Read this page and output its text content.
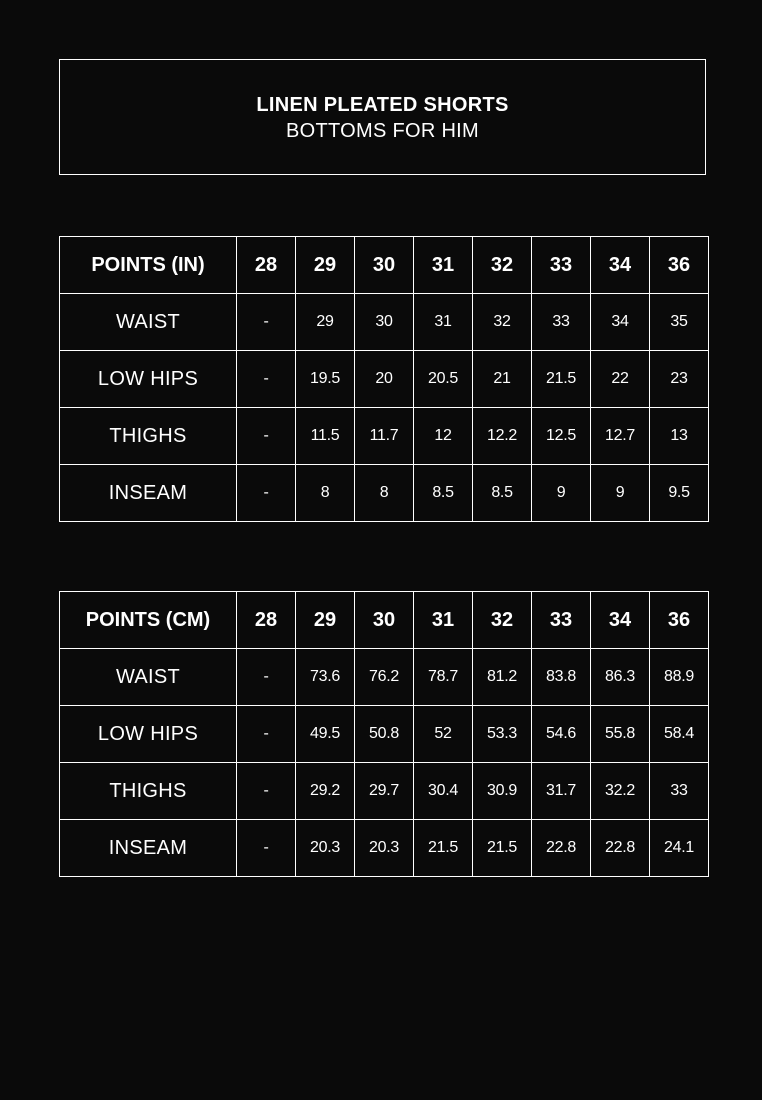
LINEN PLEATED SHORTS
BOTTOMS FOR HIM
POINTS (IN)	28	29	30	31	32	33	34	36
WAIST	-	29	30	31	32	33	34	35
LOW HIPS	-	19.5	20	20.5	21	21.5	22	23
THIGHS	-	11.5	11.7	12	12.2	12.5	12.7	13
INSEAM	-	8	8	8.5	8.5	9	9	9.5
POINTS (CM)	28	29	30	31	32	33	34	36
WAIST	-	73.6	76.2	78.7	81.2	83.8	86.3	88.9
LOW HIPS	-	49.5	50.8	52	53.3	54.6	55.8	58.4
THIGHS	-	29.2	29.7	30.4	30.9	31.7	32.2	33
INSEAM	-	20.3	20.3	21.5	21.5	22.8	22.8	24.1
